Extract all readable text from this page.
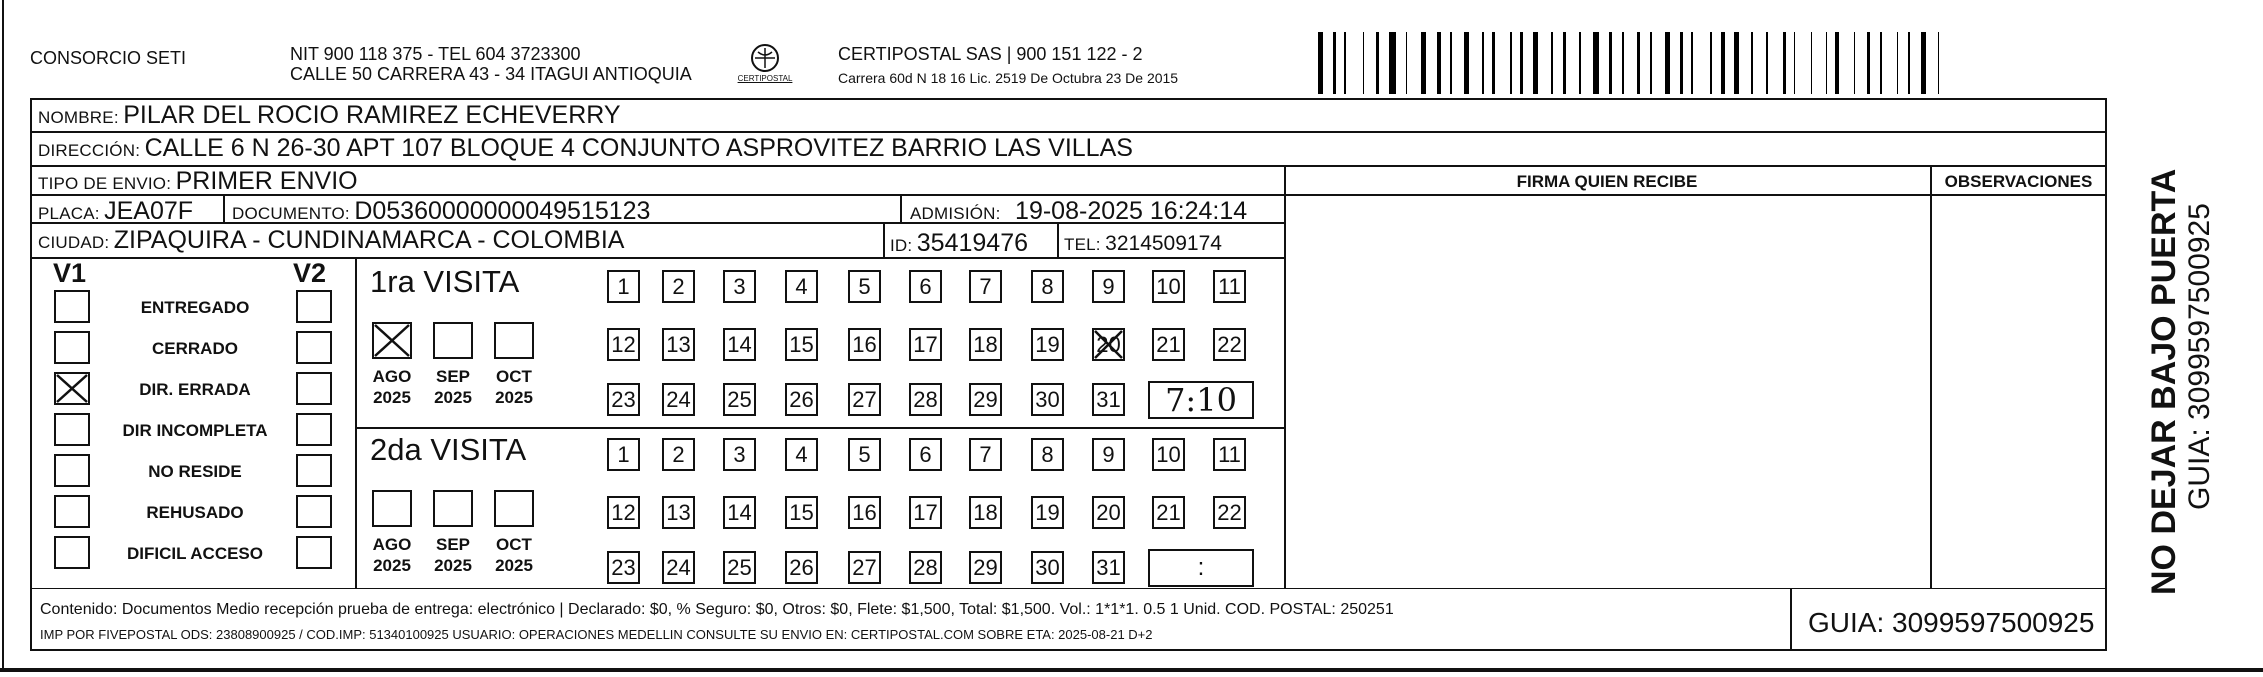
CONSORCIO SETI	NIT 900 118 375 - TEL 604 3723300
CALLE 50 CARRERA 43 - 34 ITAGUI ANTIOQUIA	CERTIPOSTAL
CERTIPOSTAL SAS | 900 151 122 - 2
Carrera 60d N 18 16 Lic. 2519 De Octubra 23 De 2015
NOMBRE: PILAR DEL ROCIO RAMIREZ ECHEVERRY
DIRECCIÓN: CALLE 6 N 26-30 APT 107 BLOQUE 4 CONJUNTO ASPROVITEZ BARRIO LAS VILLAS
TIPO DE ENVIO: PRIMER ENVIO	FIRMA QUIEN RECIBE	OBSERVACIONES
PLACA: JEA07F DOCUMENTO: D05360000000049515123	ADMISIÓN: 19-08-2025 16:24:14
CIUDAD: ZIPAQUIRA - CUNDINAMARCA - COLOMBIA	ID: 35419476 TEL: 3214509174
V1	V2
ENTREGADO
CERRADO
DIR. ERRADA
DIR INCOMPLETA
NO RESIDE
REHUSADO
DIFICIL ACCESO
1ra VISITA
2da VISITA
AGO
2025
SEP
2025
OCT
2025
1	2	3	4	5	6	7	8	9	10 11
12 13 14 15 16 17 18 19 20 21 22
23 24 25 26 27 28 29 30 31	7:10
AGO
2025
SEP
2025
OCT
2025
1	2	3	4	5	6	7	8	9	10 11
12 13 14 15 16 17 18 19 20 21 22
23 24 25 26 27 28 29 30 31	:
Contenido: Documentos Medio recepción prueba de entrega: electrónico | Declarado: $0, % Seguro: $0, Otros: $0, Flete: $1,500, Total: $1,500. Vol.: 1*1*1. 0.5 1 Unid. COD. POSTAL: 250251
IMP POR FIVEPOSTAL ODS: 23808900925 / COD.IMP: 51340100925 USUARIO: OPERACIONES MEDELLIN CONSULTE SU ENVIO EN: CERTIPOSTAL.COM SOBRE ETA: 2025-08-21 D+2	GUIA: 3099597500925
NO DEJAR BAJO PUERTA GUIA: 3099597500925
